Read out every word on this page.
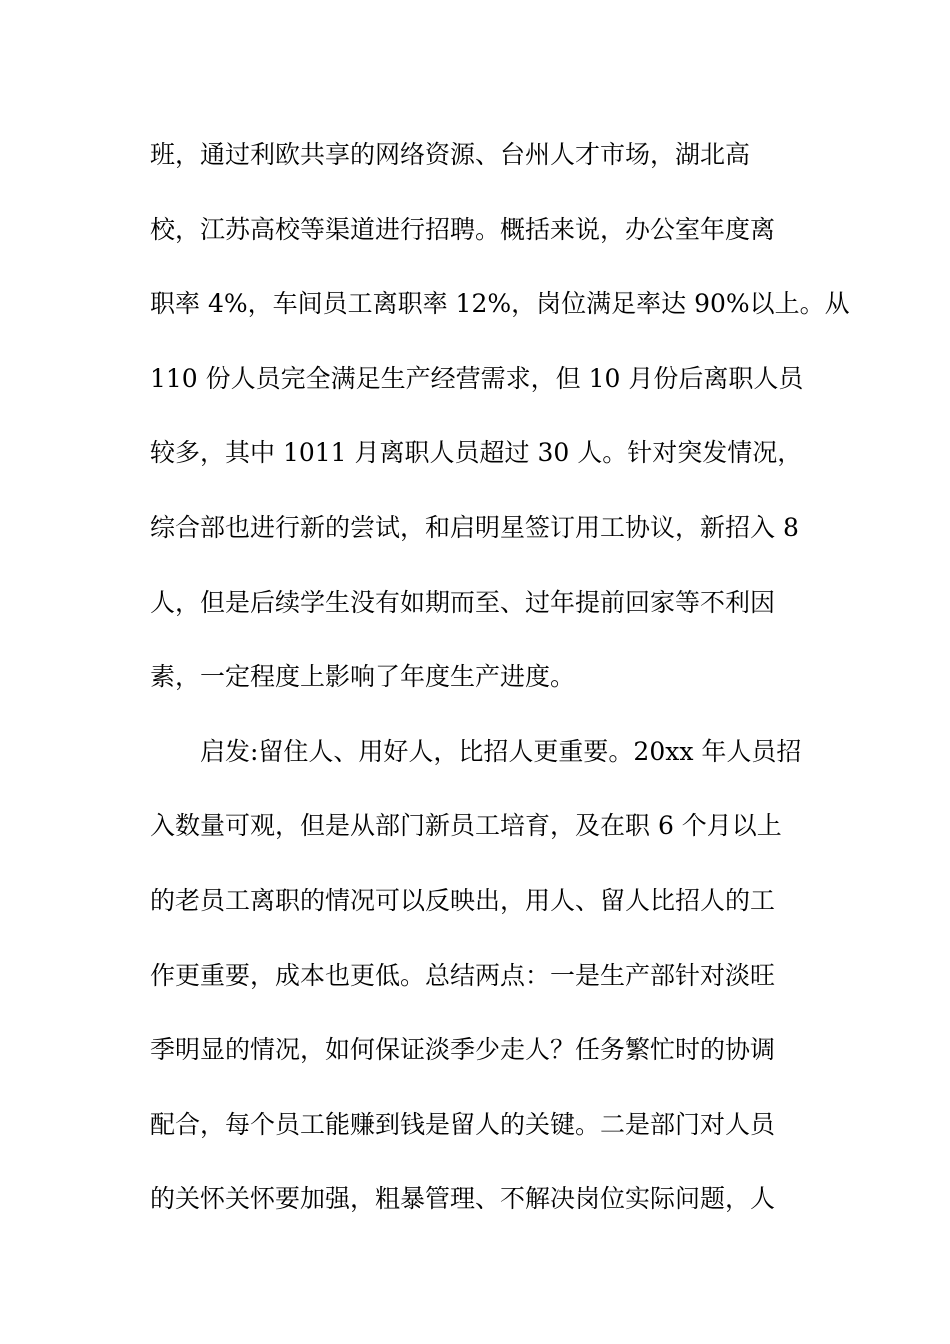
班，通过利欧共享的网络资源、台州人才市场，湖北高
校，江苏高校等渠道进行招聘。概括来说，办公室年度离
职率 4%，车间员工离职率 12%，岗位满足率达 90%以上。从
110 份人员完全满足生产经营需求，但 10 月份后离职人员
较多，其中 1011 月离职人员超过 30 人。针对突发情况，
综合部也进行新的尝试，和启明星签订用工协议，新招入 8
人，但是后续学生没有如期而至、过年提前回家等不利因
素，一定程度上影响了年度生产进度。
启发:留住人、用好人，比招人更重要。20xx 年人员招
入数量可观，但是从部门新员工培育，及在职 6 个月以上
的老员工离职的情况可以反映出，用人、留人比招人的工
作更重要，成本也更低。总结两点：一是生产部针对淡旺
季明显的情况，如何保证淡季少走人？任务繁忙时的协调
配合，每个员工能赚到钱是留人的关键。二是部门对人员
的关怀关怀要加强，粗暴管理、不解决岗位实际问题，人
